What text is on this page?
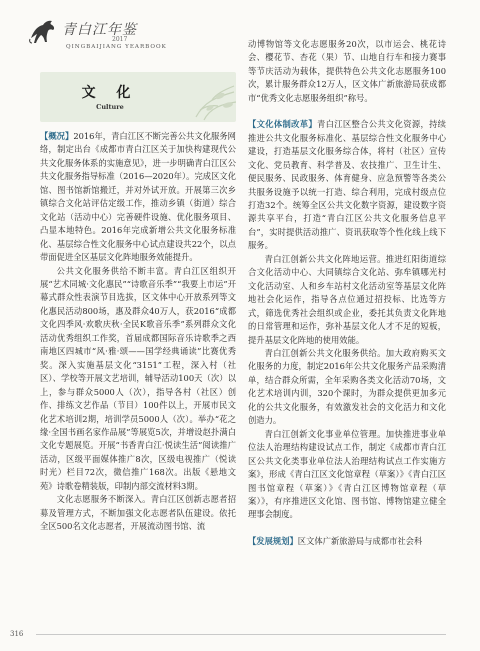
青白江年鉴
2017
QINGBAIJIANG YEARBOOK
文 化
Culture

【概况】2016年，青白江区不断完善公共文化服务网络，制定出台《成都市青白江区关于加快构建现代公共文化服务体系的实施意见》，进一步明确青白江区公共文化服务指导标准（2016—2020年）。完成区文化馆、图书馆新馆搬迁，并对外试开放。开展第三次乡镇综合文化站评估定级工作，推动乡镇（街道）综合文化站（活动中心）完善硬件设施、优化服务项目、凸显本地特色。2016年完成新增公共文化服务标准化、基层综合性文化服务中心试点建设共22个，以点带面促进全区基层文化阵地服务效能提升。

公共文化服务供给不断丰富。青白江区组织开展“艺术同城·文化惠民”“诗歌音乐季”“我要上市运”开幕式群众性表演节目选拔，区文体中心开放系列等文化惠民活动800场，惠及群众40万人，获2016“成都文化四季风·欢歌庆秋·全民K歌音乐季”系列群众文化活动优秀组织工作奖，首届成都国际音乐诗歌季之西南地区四城市“风·雅·颂——国学经典诵读”比赛优秀奖。深入实施基层文化“3151”工程，深入村（社区）、学校等开展文艺培训，辅导活动100天（次）以上，参与群众5000人（次），指导各村（社区）创作、排练文艺作品（节目）100件以上，开展市民文化艺术培训2期，培训学员5000人（次）。举办“花之缘·全国书画名家作品展”等展览5次，并增设赵扑满白文化专题展览。开展“书香青白江·悦读生活”阅读推广活动，区级平面媒体推广8次，区级电视推广（悦读时光）栏目72次，微信推广168次。出版《悬地文苑》诗歌卷精装版，印制内部交流材料3期。

文化志愿服务不断深入。青白江区创新志愿者招募及管理方式，不断加强文化志愿者队伍建设。依托全区500名文化志愿者，开展流动图书馆、流

动博物馆等文化志愿服务20次，以市运会、桃花诗会、樱花节、杏花（果）节、山地自行车和接力赛事等节庆活动为载体，提供特色公共文化志愿服务100次，累计服务群众12万人，区文体广新旅游局获成都市“优秀文化志愿服务组织”称号。

【文化体制改革】青白江区整合公共文化资源，持续推进公共文化服务标准化、基层综合性文化服务中心建设，打造基层文化服务综合体，将村（社区）宣传文化、党员教育、科学普及、农技推广、卫生计生、便民服务、民政服务、体育健身、应急预警等各类公共服务设施予以统一打造、综合利用，完成村级点位打造32个。统筹全区公共文化数字资源，建设数字资源共享平台，打造“青白江区公共文化服务信息平台”，实时提供活动推广、资讯获取等个性化线上线下服务。

青白江创新公共文化阵地运营。推进红阳街道综合文化活动中心、大同镇综合文化站、弥牟镇哪光村文化活动室、人和乡车站村文化活动室等基层文化阵地社会化运作，指导各点位通过招投标、比选等方式，筛选优秀社会组织或企业，委托其负责文化阵地的日常管理和运作，弥补基层文化人才不足的短板，提升基层文化阵地的使用效能。

青白江创新公共文化服务供给。加大政府购买文化服务的力度，制定2016年公共文化服务产品采购清单，结合群众所需，全年采购各类文化活动70场，文化艺术培训内训，320个课时，为群众提供更加多元化的公共文化服务，有效激发社会的文化活力和文化创造力。

青白江创新文化事业单位管理。加快推进事业单位法人治理结构建设试点工作，制定《成都市青白江区公共文化类事业单位法人治理结构试点工作实施方案》，形成《青白江区文化馆章程（草案）》《青白江区图书馆章程（草案）》《青白江区博物馆章程（草案）》，有序推进区文化馆、图书馆、博物馆建立健全理事会制度。

【发展规划】区文体广新旅游局与成都市社会科

316
